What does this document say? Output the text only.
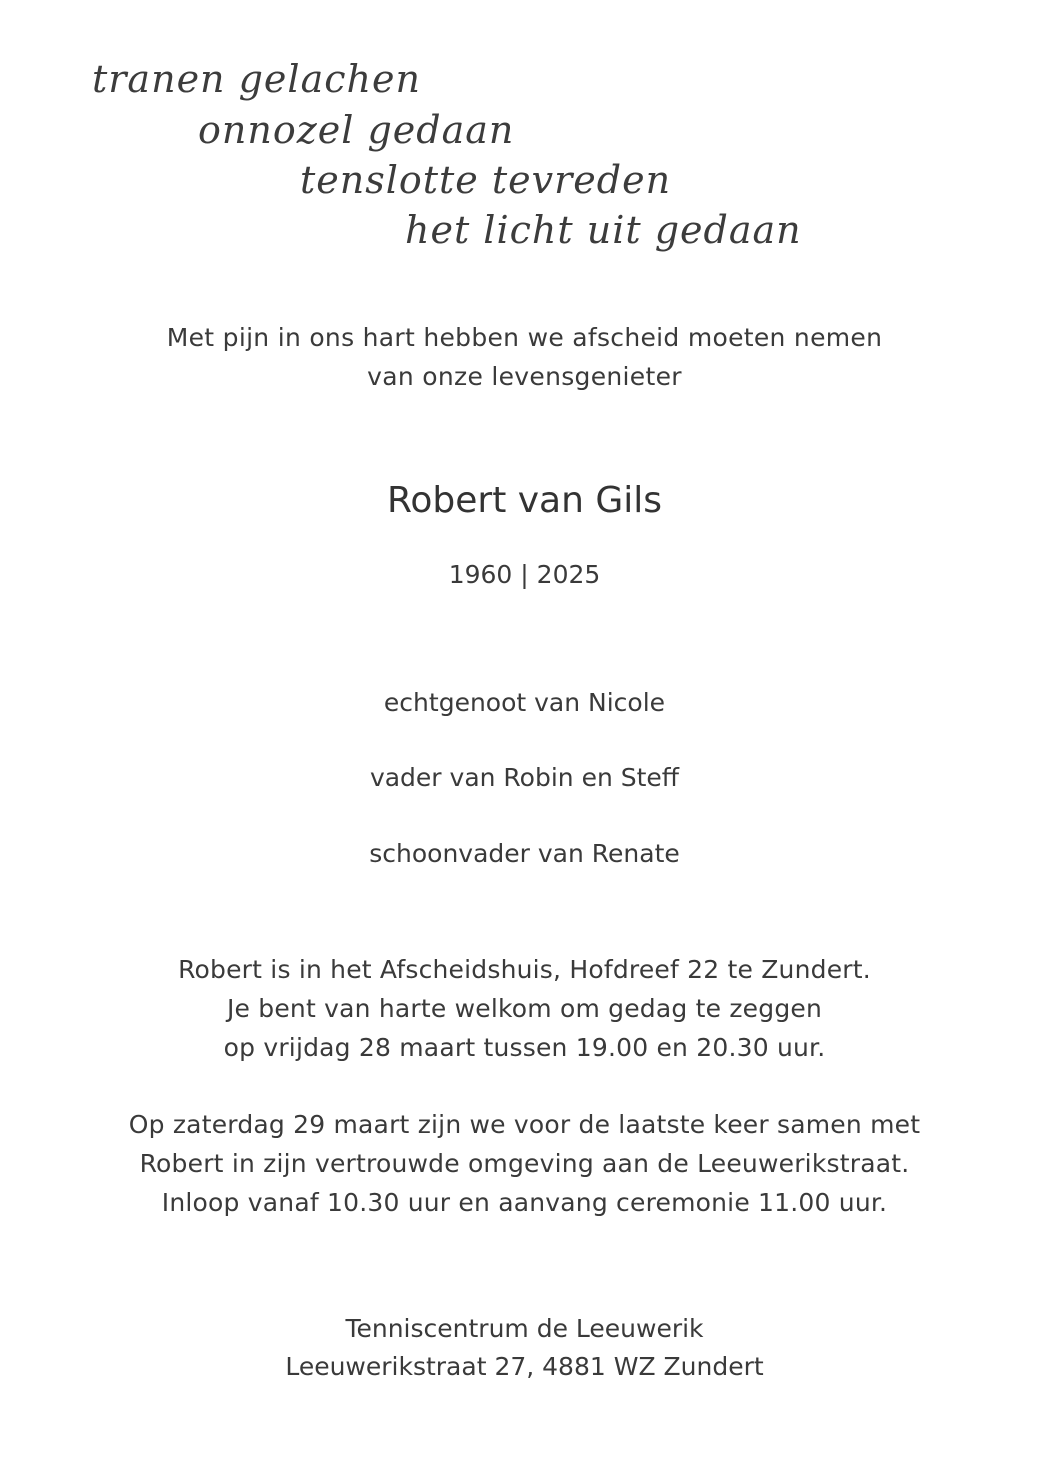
tranen gelachen
onnozel gedaan
tenslotte tevreden
het licht uit gedaan
Met pijn in ons hart hebben we afscheid moeten nemen
van onze levensgenieter
Robert van Gils
1960 | 2025
echtgenoot van Nicole
vader van Robin en Steff
schoonvader van Renate
Robert is in het Afscheidshuis, Hofdreef 22 te Zundert.
Je bent van harte welkom om gedag te zeggen
op vrijdag 28 maart tussen 19.00 en 20.30 uur.
Op zaterdag 29 maart zijn we voor de laatste keer samen met
Robert in zijn vertrouwde omgeving aan de Leeuwerikstraat.
Inloop vanaf 10.30 uur en aanvang ceremonie 11.00 uur.
Tenniscentrum de Leeuwerik
Leeuwerikstraat 27, 4881 WZ Zundert
